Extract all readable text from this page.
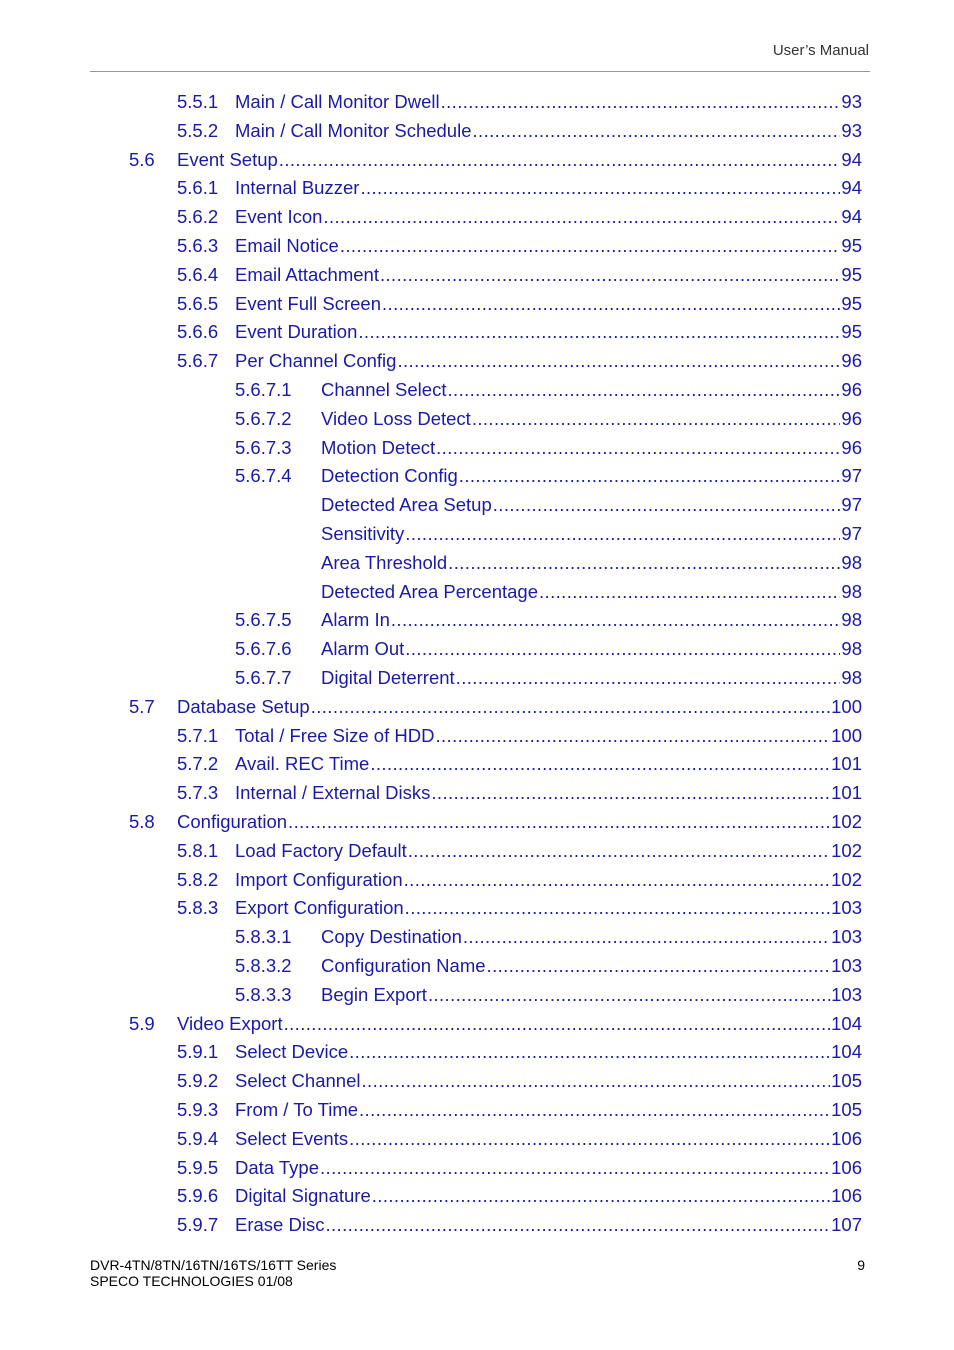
User’s Manual
5.5.1 Main / Call Monitor Dwell .....	93
5.5.2 Main / Call Monitor Schedule .....	93
5.6	Event Setup .....	94
5.6.1 Internal Buzzer .....	94
5.6.2 Event Icon .....	94
5.6.3 Email Notice .....	95
5.6.4 Email Attachment .....	95
5.6.5 Event Full Screen .....	95
5.6.6 Event Duration .....	95
5.6.7 Per Channel Config .....	96
5.6.7.1	Channel Select .....	96
5.6.7.2	Video Loss Detect .....	96
5.6.7.3	Motion Detect .....	96
5.6.7.4	Detection Config .....	97
Detected Area Setup .....	97
Sensitivity .....	97
Area Threshold .....	98
Detected Area Percentage .....	98
5.6.7.5	Alarm In .....	98
5.6.7.6	Alarm Out .....	98
5.6.7.7	Digital Deterrent .....	98
5.7	Database Setup .....	100
5.7.1 Total / Free Size of HDD .....	100
5.7.2 Avail. REC Time .....	101
5.7.3 Internal / External Disks .....	101
5.8	Configuration .....	102
5.8.1 Load Factory Default .....	102
5.8.2 Import Configuration .....	102
5.8.3 Export Configuration .....	103
5.8.3.1	Copy Destination .....	103
5.8.3.2	Configuration Name .....	103
5.8.3.3	Begin Export .....	103
5.9	Video Export .....	104
5.9.1 Select Device .....	104
5.9.2 Select Channel .....	105
5.9.3 From / To Time .....	105
5.9.4 Select Events .....	106
5.9.5 Data Type .....	106
5.9.6 Digital Signature .....	106
5.9.7 Erase Disc .....	107
DVR-4TN/8TN/16TN/16TS/16TT Series
SPECO TECHNOLOGIES 01/08
9
